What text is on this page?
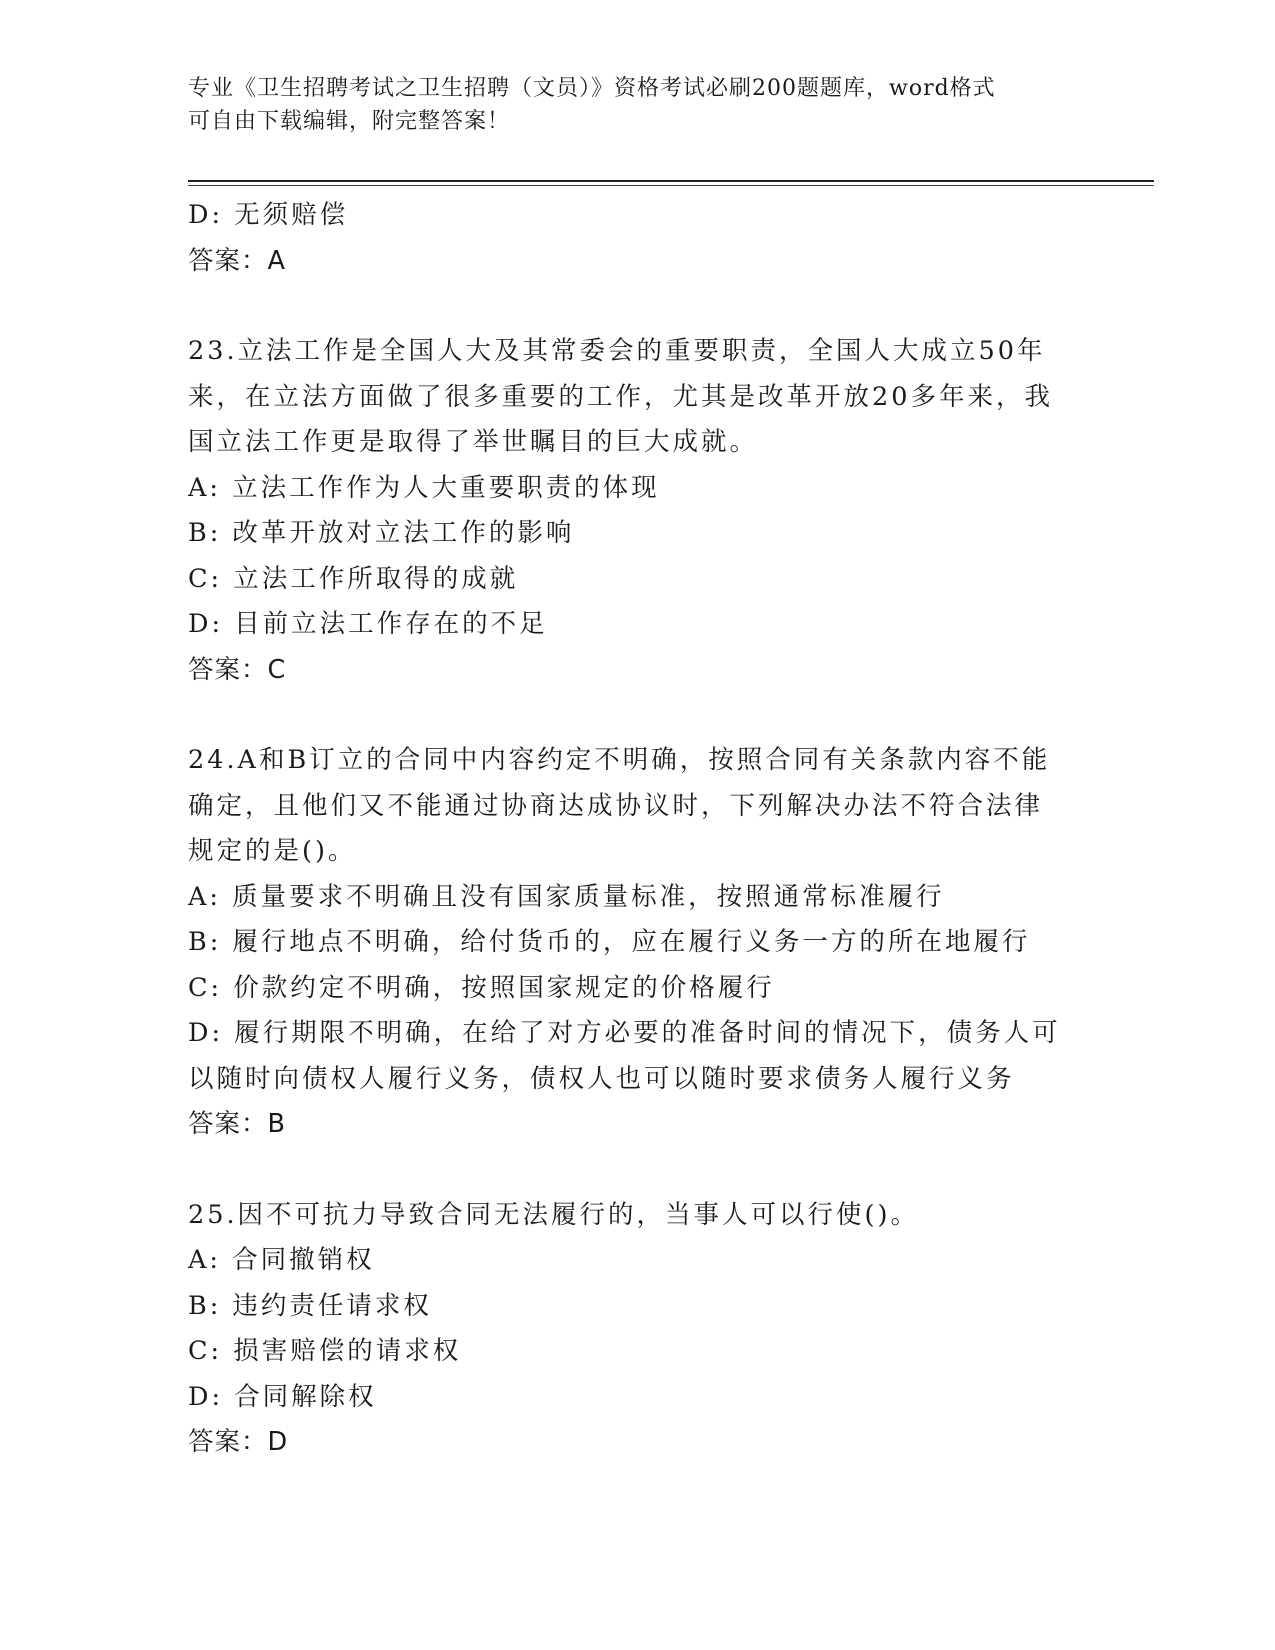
专业《卫生招聘考试之卫生招聘（文员）》资格考试必刷200题题库，word格式
可自由下载编辑，附完整答案！
D: 无须赔偿
答案：A
23.立法工作是全国人大及其常委会的重要职责，全国人大成立50年
来，在立法方面做了很多重要的工作，尤其是改革开放20多年来，我
国立法工作更是取得了举世瞩目的巨大成就。
A: 立法工作作为人大重要职责的体现
B: 改革开放对立法工作的影响
C: 立法工作所取得的成就
D: 目前立法工作存在的不足
答案：C
24.A和B订立的合同中内容约定不明确，按照合同有关条款内容不能
确定，且他们又不能通过协商达成协议时，下列解决办法不符合法律
规定的是()。
A: 质量要求不明确且没有国家质量标准，按照通常标准履行
B: 履行地点不明确，给付货币的，应在履行义务一方的所在地履行
C: 价款约定不明确，按照国家规定的价格履行
D: 履行期限不明确，在给了对方必要的准备时间的情况下，债务人可
以随时向债权人履行义务，债权人也可以随时要求债务人履行义务
答案：B
25.因不可抗力导致合同无法履行的，当事人可以行使()。
A: 合同撤销权
B: 违约责任请求权
C: 损害赔偿的请求权
D: 合同解除权
答案：D
